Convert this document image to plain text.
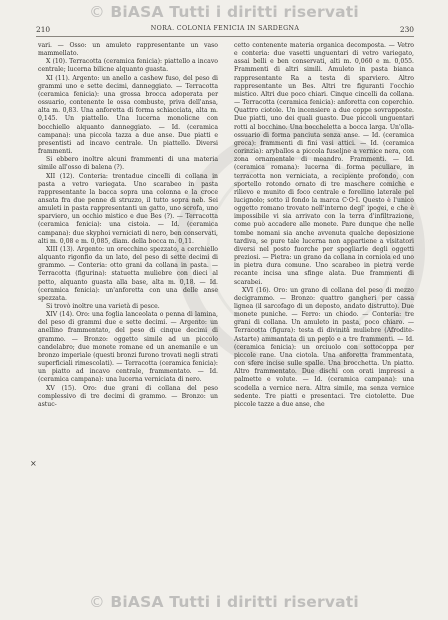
© BiASA Tutti i diritti riservati
210	NORA. COLONIA FENICIA IN SARDEGNA	230

vari. — Osso: un amuleto rappresentante un vaso mammellato.

X (10). Terracotta (ceramica fenicia): piattello a incavo centrale; lucerna bilicne alquanto guasta.

XI (11). Argento: un anello a cashew fuso, del peso di grammi uno e sette decimi, danneggiato. — Terracotta (ceramica fenicia): una grossa brocca adoperata per ossuario, contenente le ossa combuste, priva dell'ansa, alta m. 0,83. Una anforetta di forma schiacciata, alta m. 0,145. Un piattello. Una lucerna monolicne con bocchiello alquanto danneggiato. — Id. (ceramica campana): una piccola tazza a due anse. Due piatti e presentisti ad incavo centrale. Un piattello. Diversi frammenti.

Si ebbero inoltre alcuni frammenti di una materia simile all'osso di balena (?).

XII (12). Conteria: trentadue cincelli di collana in pasta a vetro variegata. Uno scarabeo in pasta rappresentante la bacca sopra una colonna e la croce ansata fra due penne di struzzo, il tutto sopra neb. Sei amuleti in pasta rappresentanti un gatto, uno scrofa, uno sparviero, un occhio mistico e due Bes (?). — Terracotta (ceramica fenicia): una cistoia. — Id. (ceramica campana): due skyphoi verniciati di nero, ben conservati, alti m. 0,08 e m. 0,085, diam. della bocca m. 0,11.

XIII (13). Argento: un orecchino spezzato, a cerchiello alquanto rigonfio da un lato, del peso di sette decimi di grammo. — Conteria: otto grani da collana in pasta. — Terracotta (figurina): statuetta muliebre con dieci al petto, alquanto guasta alla base, alta m. 0,18. — Id. (ceramica fenicia): un'anforetta con una delle anse spezzata.

Si trovò inoltre una varietà di pesce.

XIV (14). Oro: una foglia lanceolata o penna di lamina, del peso di grammi due e sette decimi. — Argento: un anellino frammentato, del peso di cinque decimi di grammo. — Bronzo: oggetto simile ad un piccolo candelabro; due monete romane ed un anemanile e un bronzo imperiale (questi bronzi furono trovati negli strati superficiali rimescolati). — Terracotta (ceramica fenicia): un piatto ad incavo centrale, frammentato. — Id. (ceramica campana): una lucerna verniciata di nero.

XV (15). Oro: due grani di collana del peso complessivo di tre decimi di grammo. — Bronzo: un astuc-

×

cetto contenente materia organica decomposta. — Vetro e conteria: due vasetti unguentari di vetro variegato, assai belli e ben conservati, alti m. 0,060 e m. 0,055. Frammenti di altri simili. Amuleto in pasta bianca rappresentante Ra a testa di sparviero. Altro rappresentante un Bes. Altri tre figuranti l'occhio mistico. Altri due poco chiari. Cinque cincelli da collana. — Terracotta (ceramica fenicia): anforetta con coperchio. Quattro ciotole. Un incensiere a due coppe sovrapposte. Due piatti, uno dei quali guasto. Due piccoli unguentari rotti al bocchino. Una boccheletta a bocca larga. Un'olla-ossuario di forma panciuta senza anse. — Id. (ceramica greca): frammenti di fini vasi attici. — Id. (ceramica corinzia): aryballos a piccola fuseljne a vernice nera, con zona ornamentale di meandro. Frammenti. — Id. (ceramica romana): lucerna di forma peculiare, in terracotta non verniciata, a recipiente profondo, con sportello rotondo ornato di tre maschere comiche e rilievo e munito di foco centrale e forellino laterale pel lucignolo; sotto il fondo la marca C·O·I. Questo è l'unico oggetto romano trovato nell'interno degl' ipogei, e che è impossibile vi sia arrivato con la terra d'infiltrazione, come può accadere alle monete. Pare dunque che nelle tombe nomani sia anche avvenuta qualche deposizione tardiva, se pure tale lucerna non appartiene a visitatori diversi nel posto fuorche per spogliarle degli oggetti preziosi. — Pietra: un grano da collana in corniola ed uno in pietra dura comune. Uno scarabeo in pietra verde recante incisa una sfinge alata. Due frammenti di scarabei.

XVI (16). Oro: un grano di collana del peso di mezzo decigrammo. — Bronzo: quattro gangheri per cassa lignea (il sarcofago di un deposto, andato distrutto). Due monete puniche. — Ferro: un chiodo. — Conteria: tre grani di collana. Un amuleto in pasta, poco chiaro. — Terracotta (figura): testa di divinità muliebre (Afrodite-Astarte) ammantata di un peplo e a tre frammenti. — Id. (ceramica fenicia): un orciuolo con sottocoppa per piccole rane. Una ciotola. Una anforetta frammentata, con sfere incise sulle spalle. Una brocchetta. Un piatto. Altro frammentato. Due dischi con orati impressi a palmette e volute. — Id. (ceramica campana): una scodella a vernice nera. Altra simile, ma senza vernice sedente. Tre piatti e presentaci. Tre ciotolette. Due piccole tazze a due anse, che

© BiASA Tutti i diritti riservati
